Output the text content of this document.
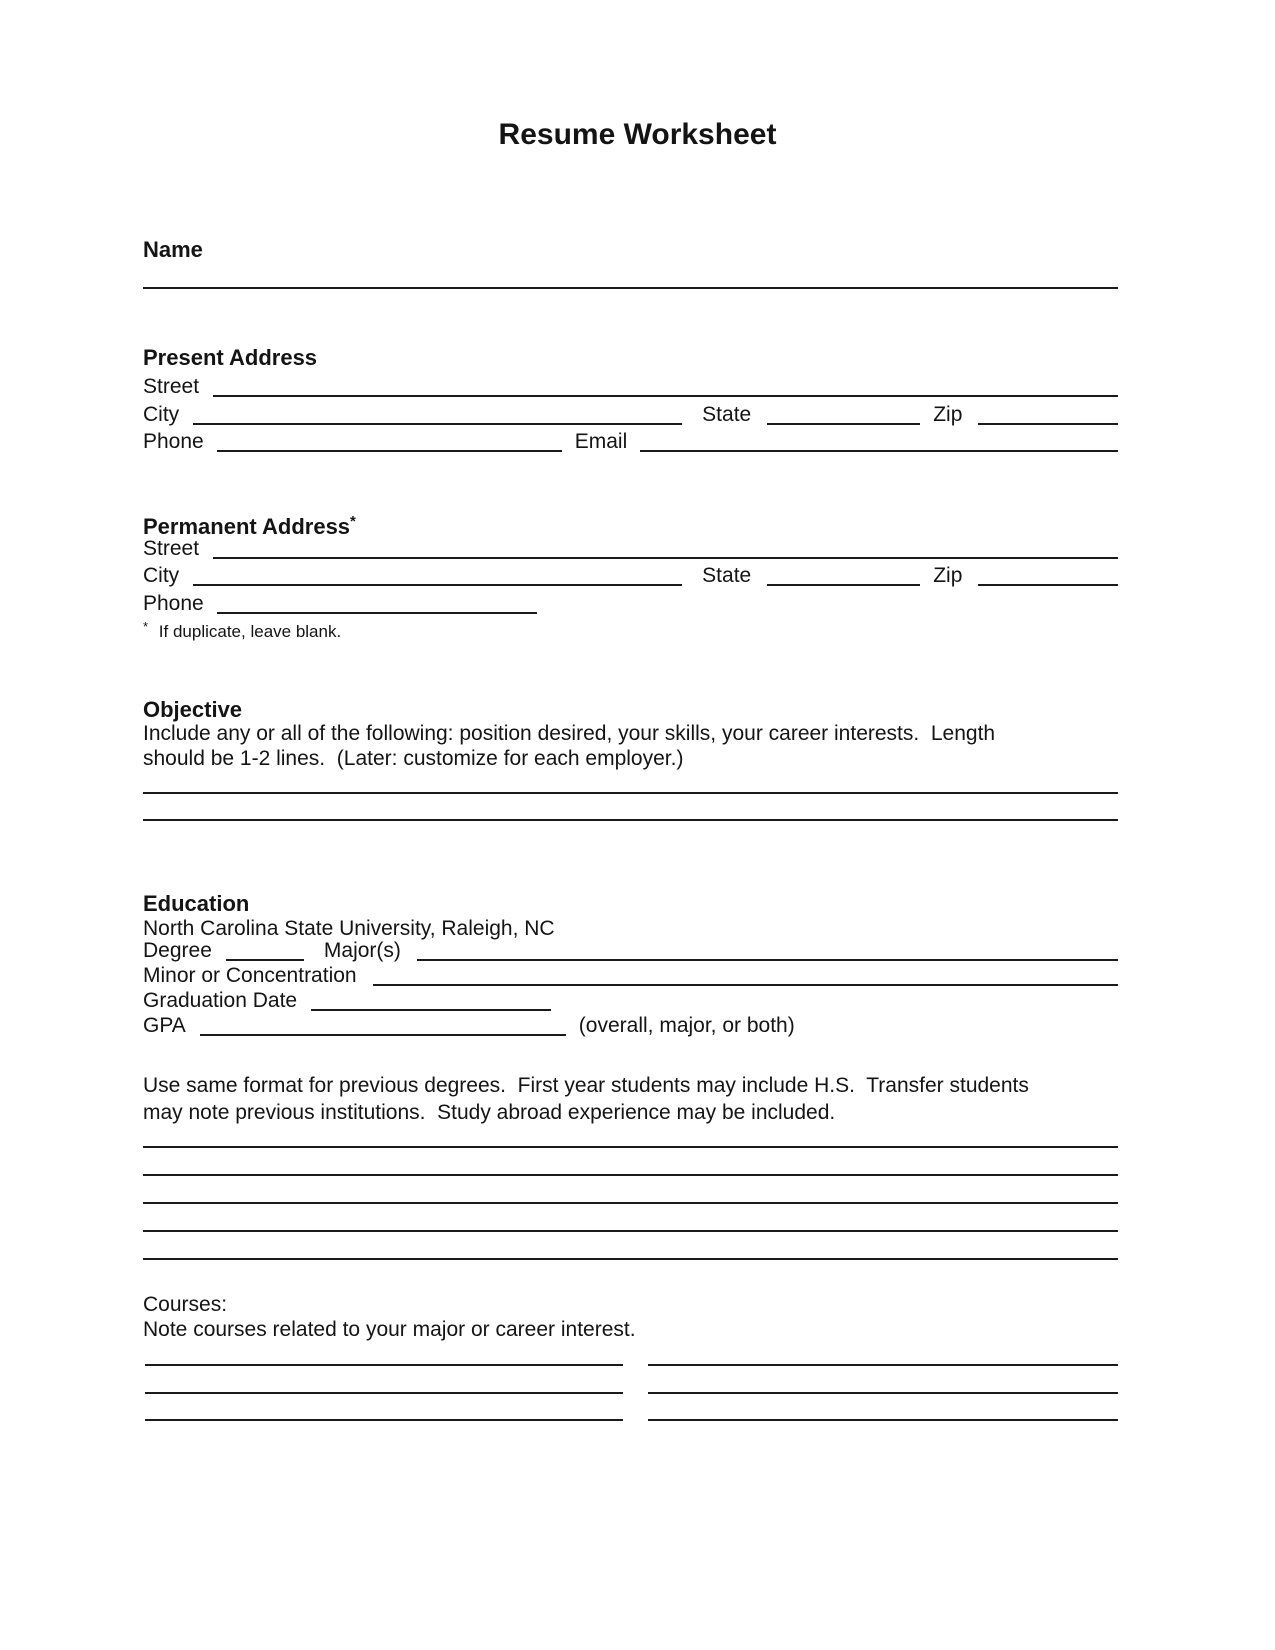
Resume Worksheet
Name
Present Address
Street
City	State	Zip
Phone	Email
Permanent Address*
Street
City	State	Zip
Phone
* If duplicate, leave blank.
Objective
Include any or all of the following: position desired, your skills, your career interests.  Length
should be 1-2 lines.  (Later: customize for each employer.)
Education
North Carolina State University, Raleigh, NC
Degree	Major(s)
Minor or Concentration
Graduation Date
GPA	(overall, major, or both)
Use same format for previous degrees.  First year students may include H.S.  Transfer students
may note previous institutions.  Study abroad experience may be included.
Courses:
Note courses related to your major or career interest.
